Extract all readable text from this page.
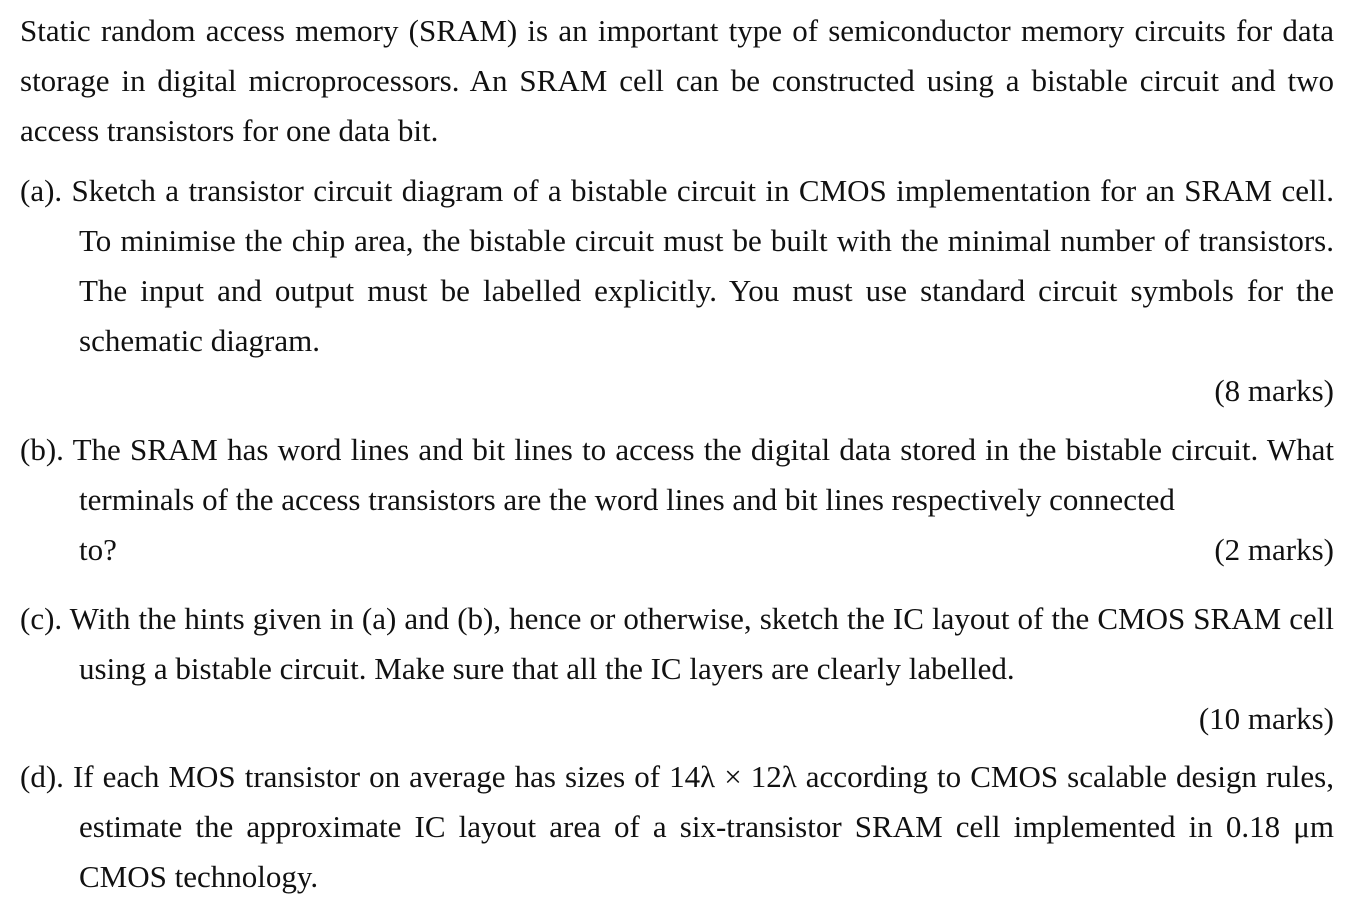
Static random access memory (SRAM) is an important type of semiconductor memory circuits for data storage in digital microprocessors. An SRAM cell can be constructed using a bistable circuit and two access transistors for one data bit.

(a). Sketch a transistor circuit diagram of a bistable circuit in CMOS implementation for an SRAM cell. To minimise the chip area, the bistable circuit must be built with the minimal number of transistors. The input and output must be labelled explicitly. You must use standard circuit symbols for the schematic diagram.
(8 marks)
(b). The SRAM has word lines and bit lines to access the digital data stored in the bistable circuit. What terminals of the access transistors are the word lines and bit lines respectively connected
to?	(2 marks)
(c). With the hints given in (a) and (b), hence or otherwise, sketch the IC layout of the CMOS SRAM cell using a bistable circuit. Make sure that all the IC layers are clearly labelled.
(10 marks)
(d). If each MOS transistor on average has sizes of 14λ × 12λ according to CMOS scalable design rules, estimate the approximate IC layout area of a six-transistor SRAM cell implemented in 0.18 μm CMOS technology.
